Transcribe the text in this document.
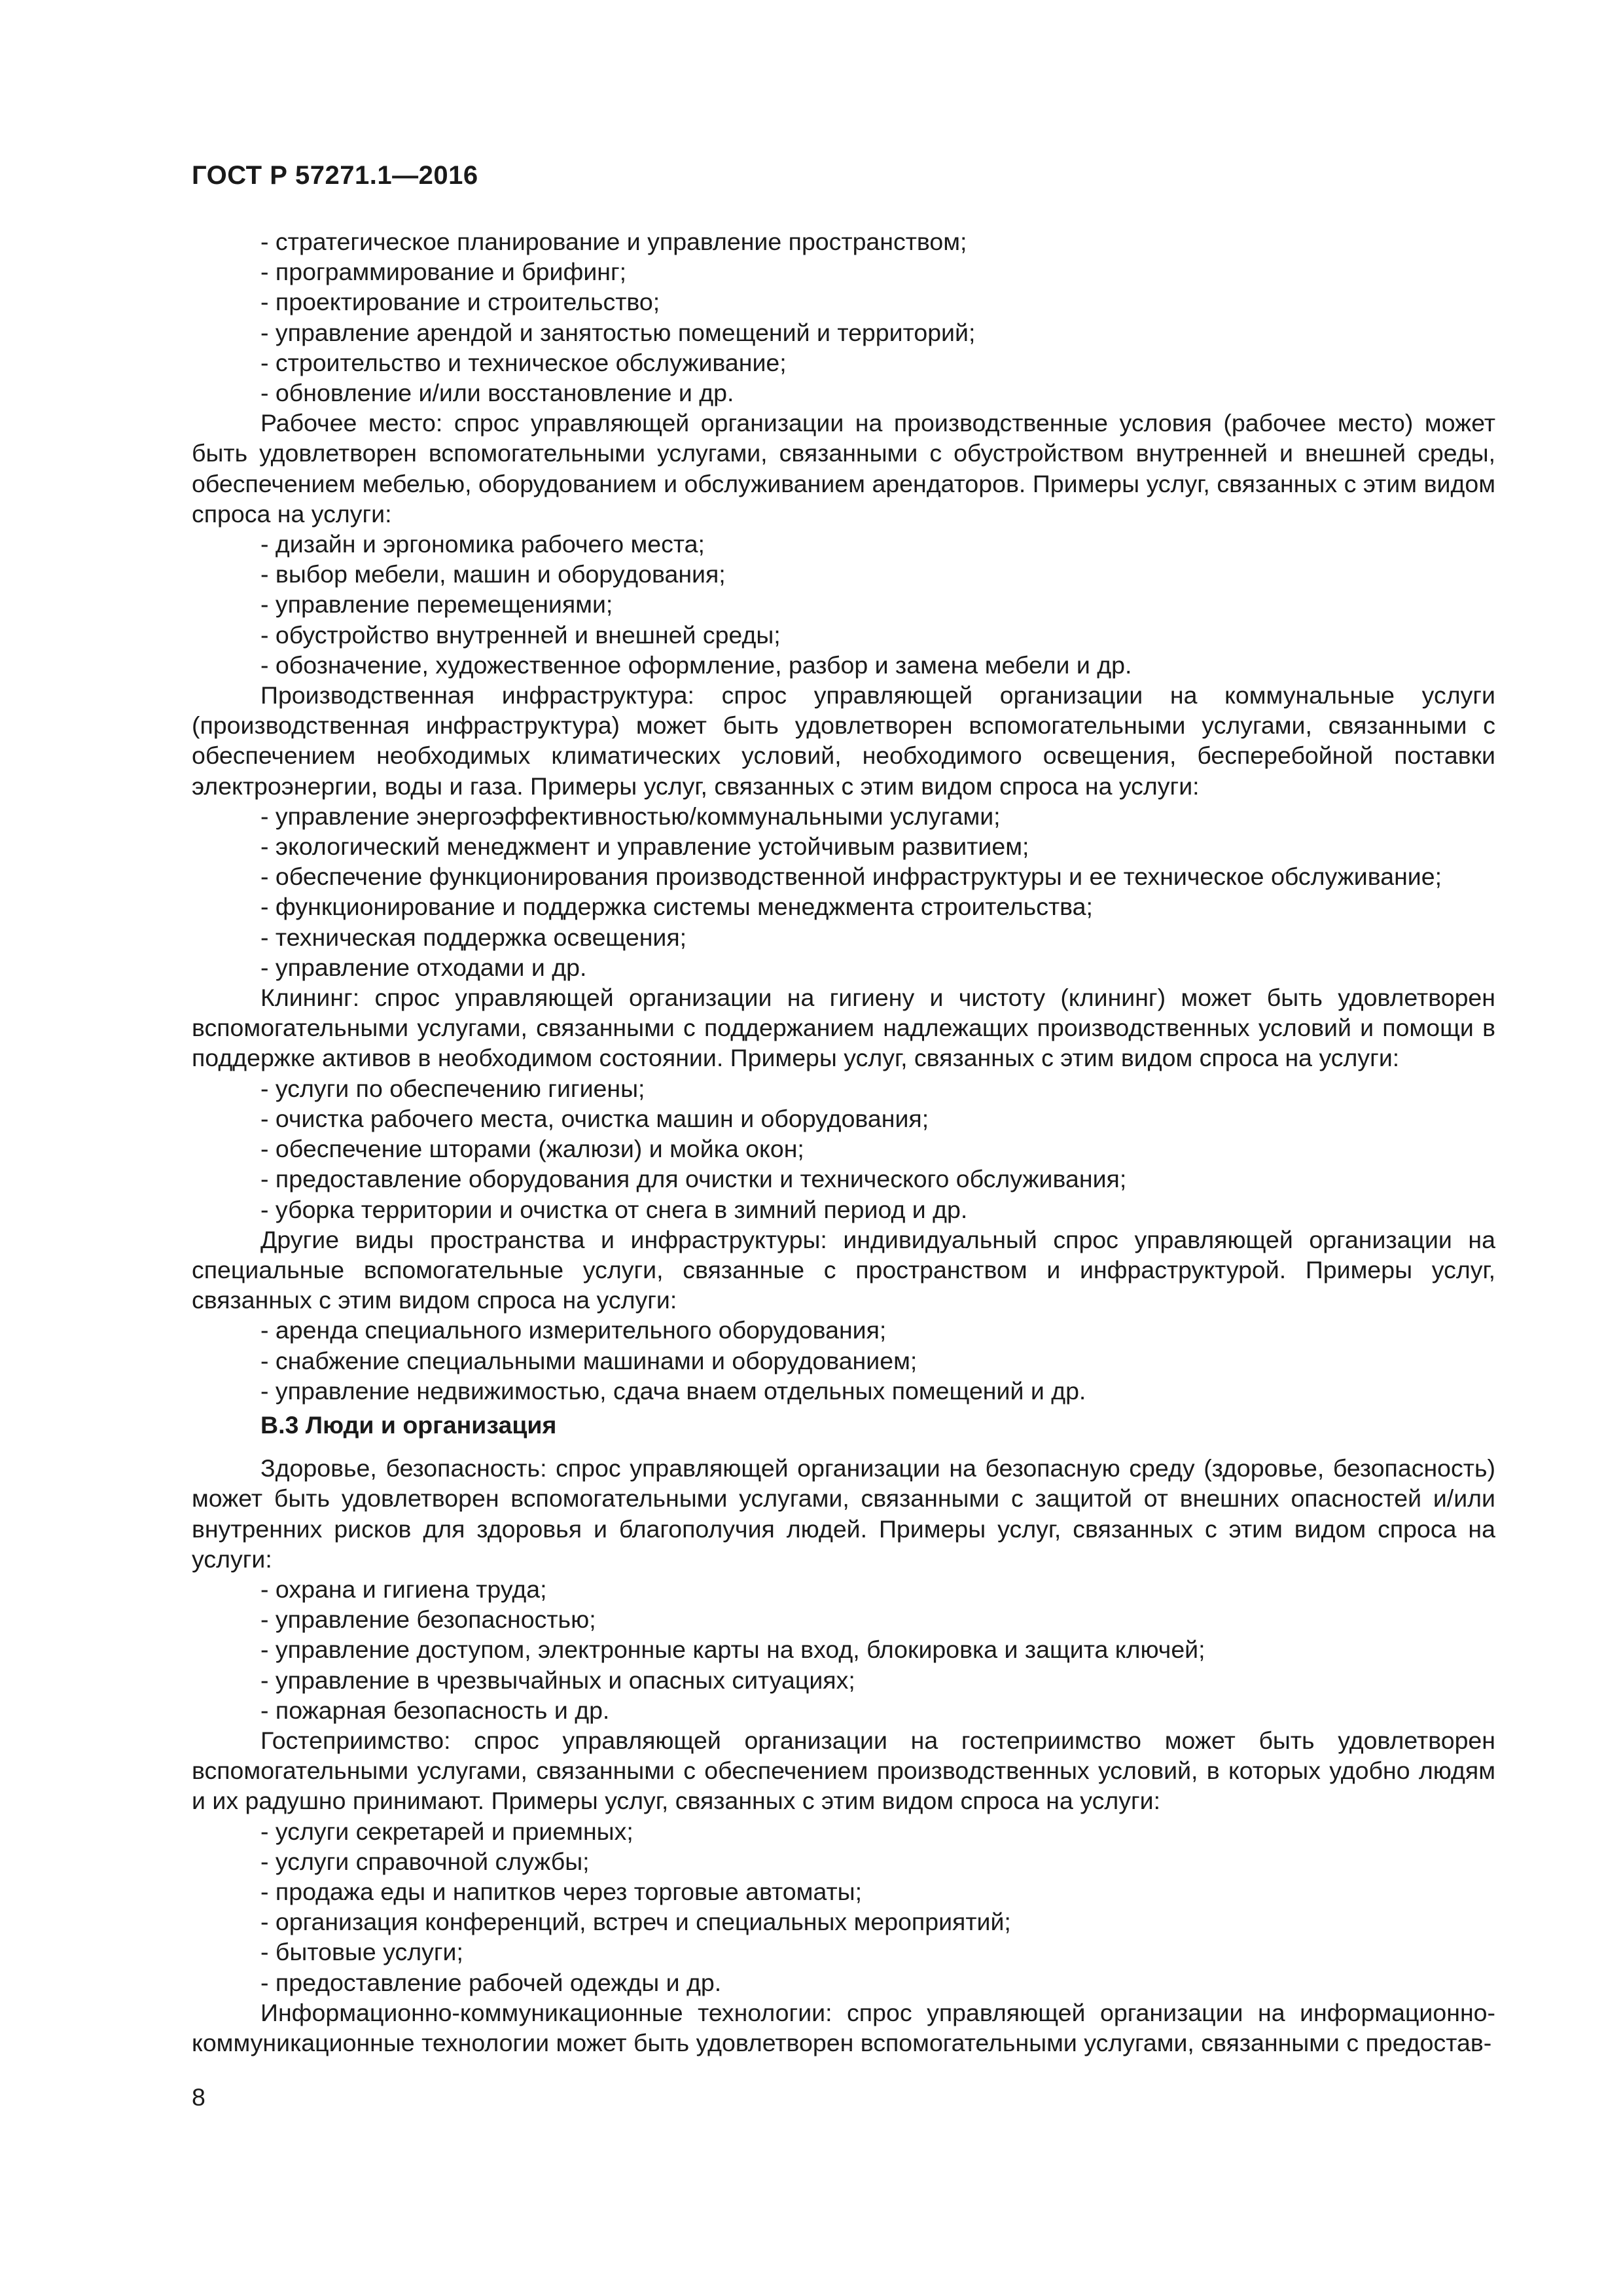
ГОСТ Р 57271.1—2016
- стратегическое планирование и управление пространством;
- программирование и брифинг;
- проектирование и строительство;
- управление арендой и занятостью помещений и территорий;
- строительство и техническое обслуживание;
- обновление и/или восстановление и др.

Рабочее место: спрос управляющей организации на производственные условия (рабочее место) может быть удовлетворен вспомогательными услугами, связанными с обустройством внутренней и внешней среды, обеспечением мебелью, оборудованием и обслуживанием арендаторов. Примеры услуг, связанных с этим видом спроса на услуги:

- дизайн и эргономика рабочего места;
- выбор мебели, машин и оборудования;
- управление перемещениями;
- обустройство внутренней и внешней среды;
- обозначение, художественное оформление, разбор и замена мебели и др.

Производственная инфраструктура: спрос управляющей организации на коммунальные услуги (производственная инфраструктура) может быть удовлетворен вспомогательными услугами, связанными с обеспечением необходимых климатических условий, необходимого освещения, бесперебойной поставки электроэнергии, воды и газа. Примеры услуг, связанных с этим видом спроса на услуги:

- управление энергоэффективностью/коммунальными услугами;
- экологический менеджмент и управление устойчивым развитием;
- обеспечение функционирования производственной инфраструктуры и ее техническое обслуживание;
- функционирование и поддержка системы менеджмента строительства;
- техническая поддержка освещения;
- управление отходами и др.

Клининг: спрос управляющей организации на гигиену и чистоту (клининг) может быть удовлетворен вспомогательными услугами, связанными с поддержанием надлежащих производственных условий и помощи в поддержке активов в необходимом состоянии. Примеры услуг, связанных с этим видом спроса на услуги:

- услуги по обеспечению гигиены;
- очистка рабочего места, очистка машин и оборудования;
- обеспечение шторами (жалюзи) и мойка окон;
- предоставление оборудования для очистки и технического обслуживания;
- уборка территории и очистка от снега в зимний период и др.

Другие виды пространства и инфраструктуры: индивидуальный спрос управляющей организации на специальные вспомогательные услуги, связанные с пространством и инфраструктурой. Примеры услуг, связанных с этим видом спроса на услуги:

- аренда специального измерительного оборудования;
- снабжение специальными машинами и оборудованием;
- управление недвижимостью, сдача внаем отдельных помещений и др.
В.3 Люди и организация

Здоровье, безопасность: спрос управляющей организации на безопасную среду (здоровье, безопасность) может быть удовлетворен вспомогательными услугами, связанными с защитой от внешних опасностей и/или внутренних рисков для здоровья и благополучия людей. Примеры услуг, связанных с этим видом спроса на услуги:

- охрана и гигиена труда;
- управление безопасностью;
- управление доступом, электронные карты на вход, блокировка и защита ключей;
- управление в чрезвычайных и опасных ситуациях;
- пожарная безопасность и др.

Гостеприимство: спрос управляющей организации на гостеприимство может быть удовлетворен вспомогательными услугами, связанными с обеспечением производственных условий, в которых удобно людям и их радушно принимают. Примеры услуг, связанных с этим видом спроса на услуги:

- услуги секретарей и приемных;
- услуги справочной службы;
- продажа еды и напитков через торговые автоматы;
- организация конференций, встреч и специальных мероприятий;
- бытовые услуги;
- предоставление рабочей одежды и др.

Информационно-коммуникационные технологии: спрос управляющей организации на информационно-коммуникационные технологии может быть удовлетворен вспомогательными услугами, связанными с предостав-

8
